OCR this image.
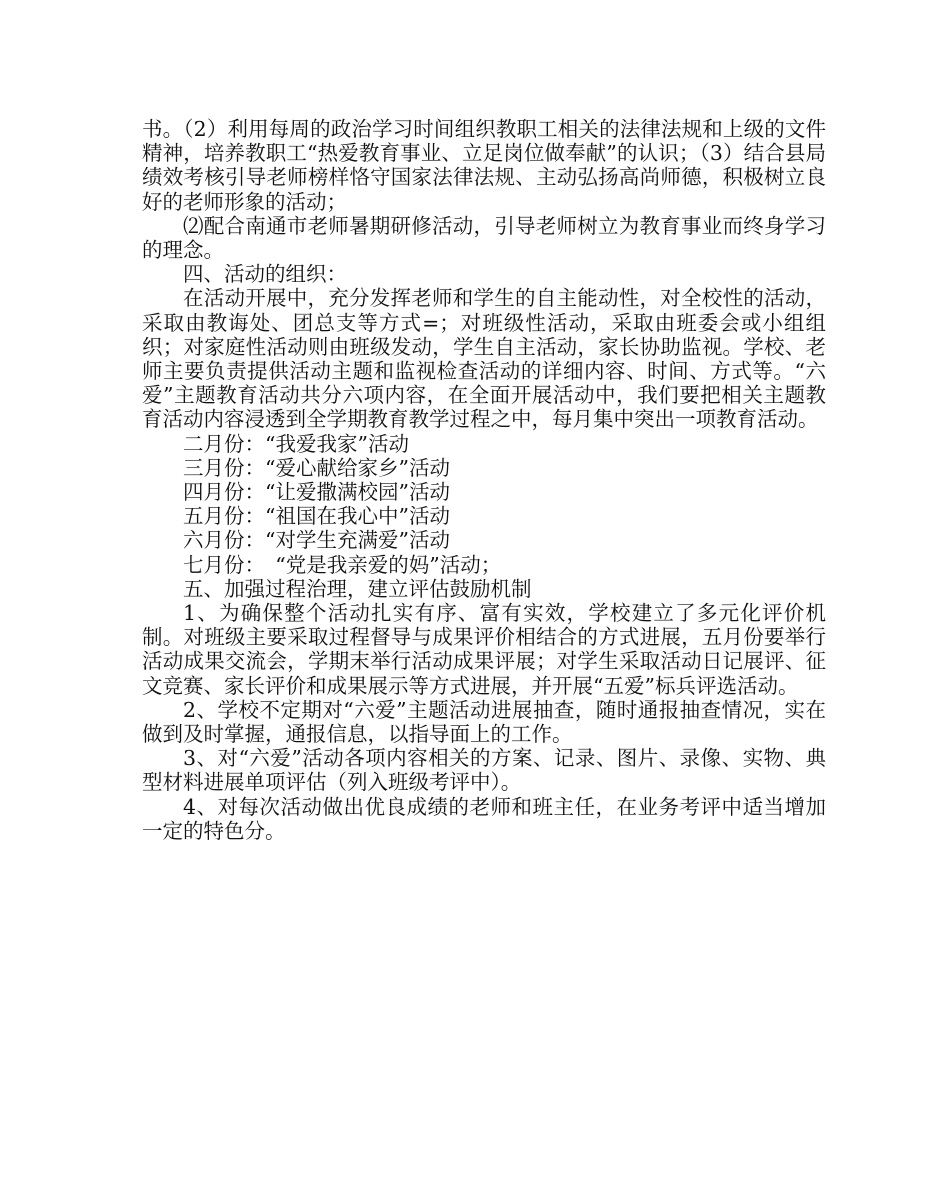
书。（2）利用每周的政治学习时间组织教职工相关的法律法规和上级的文件精神，培养教职工“热爱教育事业、立足岗位做奉献”的认识；（3）结合县局绩效考核引导老师榜样恪守国家法律法规、主动弘扬高尚师德，积极树立良好的老师形象的活动；

⑵配合南通市老师暑期研修活动，引导老师树立为教育事业而终身学习的理念。

四、活动的组织：

在活动开展中，充分发挥老师和学生的自主能动性，对全校性的活动，采取由教诲处、团总支等方式=；对班级性活动，采取由班委会或小组组织；对家庭性活动则由班级发动，学生自主活动，家长协助监视。学校、老师主要负责提供活动主题和监视检查活动的详细内容、时间、方式等。“六爱”主题教育活动共分六项内容，在全面开展活动中，我们要把相关主题教育活动内容浸透到全学期教育教学过程之中，每月集中突出一项教育活动。

二月份：“我爱我家”活动

三月份：“爱心献给家乡”活动

四月份：“让爱撒满校园”活动

五月份：“祖国在我心中”活动

六月份：“对学生充满爱”活动

七月份：　“党是我亲爱的妈”活动；

五、加强过程治理，建立评估鼓励机制

1、为确保整个活动扎实有序、富有实效，学校建立了多元化评价机制。对班级主要采取过程督导与成果评价相结合的方式进展，五月份要举行活动成果交流会，学期末举行活动成果评展；对学生采取活动日记展评、征文竞赛、家长评价和成果展示等方式进展，并开展“五爱”标兵评选活动。

2、学校不定期对“六爱”主题活动进展抽查，随时通报抽查情况，实在做到及时掌握，通报信息，以指导面上的工作。

3、对“六爱”活动各项内容相关的方案、记录、图片、录像、实物、典型材料进展单项评估（列入班级考评中）。

4、对每次活动做出优良成绩的老师和班主任，在业务考评中适当增加一定的特色分。
